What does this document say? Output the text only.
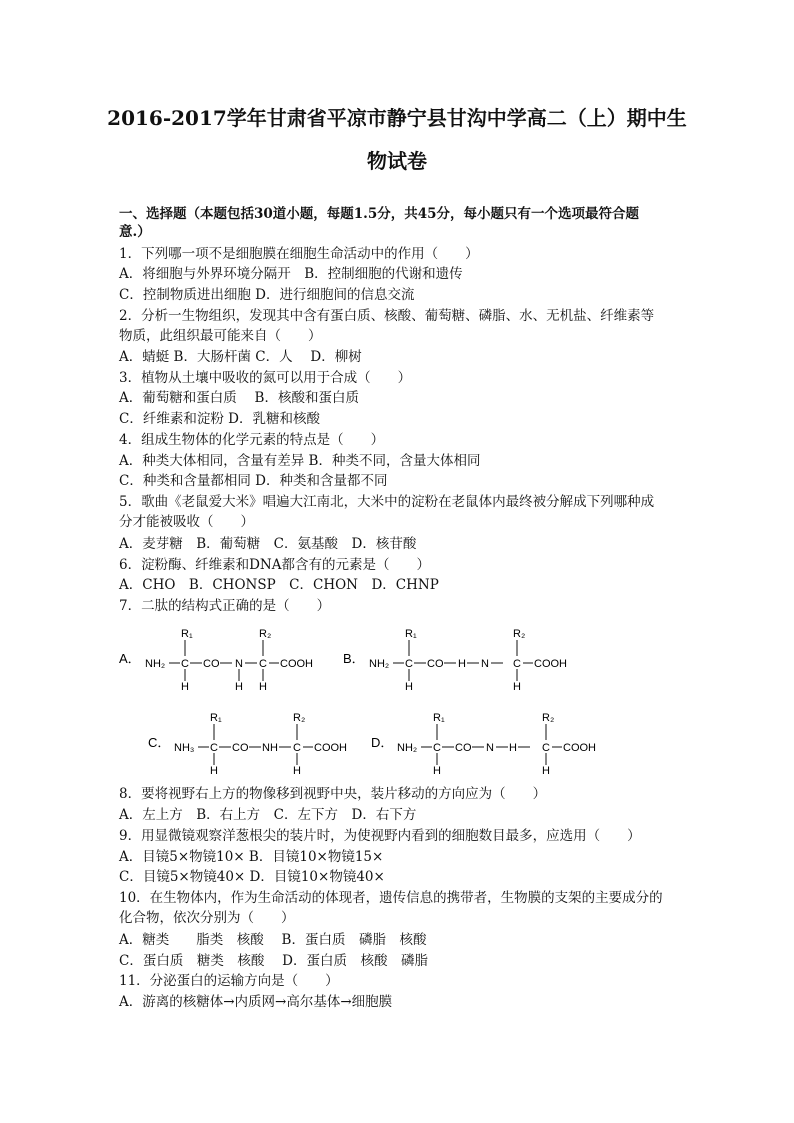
2016-2017学年甘肃省平凉市静宁县甘沟中学高二（上）期中生
物试卷
一、选择题（本题包括30道小题，每题1.5分，共45分，每小题只有一个选项最符合题
意.）
1．下列哪一项不是细胞膜在细胞生命活动中的作用（　　）
A．将细胞与外界环境分隔开　B．控制细胞的代谢和遗传
C．控制物质进出细胞 D．进行细胞间的信息交流
2．分析一生物组织，发现其中含有蛋白质、核酸、葡萄糖、磷脂、水、无机盐、纤维素等
物质，此组织最可能来自（　　）
A．蜻蜓 B．大肠杆菌 C．人　 D．柳树
3．植物从土壤中吸收的氮可以用于合成（　　）
A．葡萄糖和蛋白质　 B．核酸和蛋白质
C．纤维素和淀粉 D．乳糖和核酸
4．组成生物体的化学元素的特点是（　　）
A．种类大体相同，含量有差异 B．种类不同，含量大体相同
C．种类和含量都相同 D．种类和含量都不同
5．歌曲《老鼠爱大米》唱遍大江南北，大米中的淀粉在老鼠体内最终被分解成下列哪种成
分才能被吸收（　　）
A．麦芽糖　B．葡萄糖　C．氨基酸　D．核苷酸
6．淀粉酶、纤维素和DNA都含有的元素是（　　）
A．CHO　B．CHONSP　C．CHON　D．CHNP
7．二肽的结构式正确的是（　　）
A． NH₂
R₁
C
H
CO N
H
R₂
C
H
COOH B． NH₂
R₁
C
H
CO H N
R₂
C
H
COOH
C． NH₃
R₁
C
H
CO NH
R₂
C
H
COOH D． NH₂
R₁
C
H
CO N H
R₂
C
H
COOH
8．要将视野右上方的物像移到视野中央，装片移动的方向应为（　　）
A．左上方　B．右上方　C．左下方　D．右下方
9．用显微镜观察洋葱根尖的装片时，为使视野内看到的细胞数目最多，应选用（　　）
A．目镜5×物镜10× B．目镜10×物镜15×
C．目镜5×物镜40× D．目镜10×物镜40×
10．在生物体内，作为生命活动的体现者，遗传信息的携带者，生物膜的支架的主要成分的
化合物，依次分别为（　　）
A．糖类　　脂类　核酸　 B．蛋白质　磷脂　核酸
C．蛋白质　糖类　核酸　 D．蛋白质　核酸　磷脂
11．分泌蛋白的运输方向是（　　）
A．游离的核糖体→内质网→高尔基体→细胞膜
